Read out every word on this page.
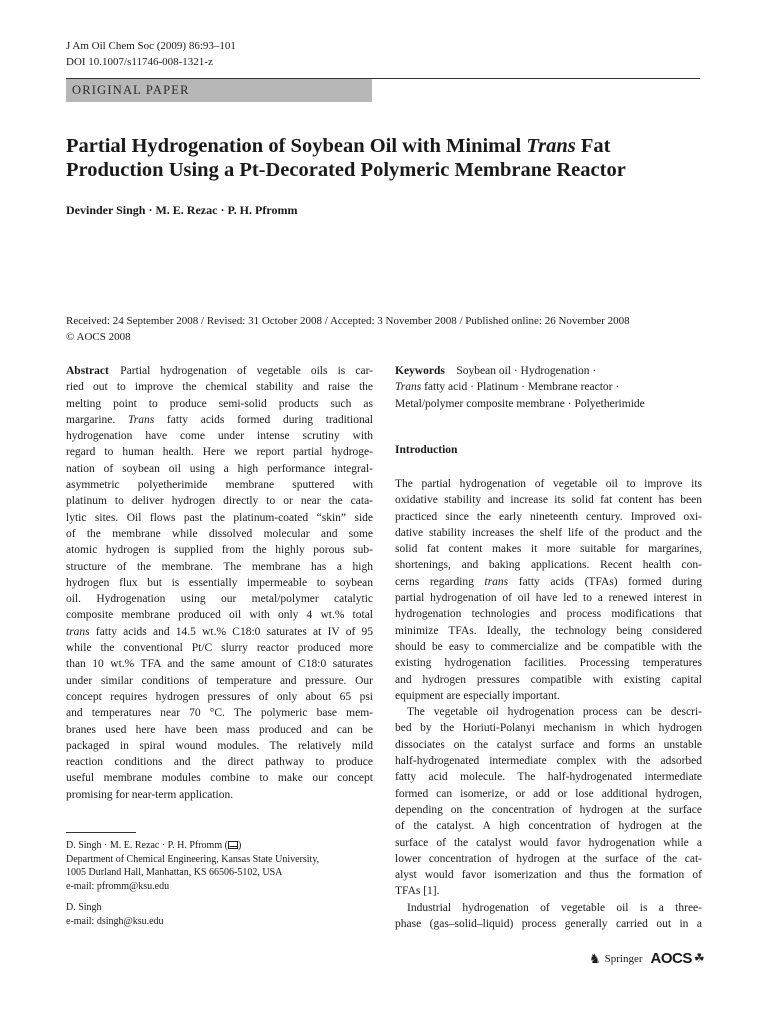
J Am Oil Chem Soc (2009) 86:93–101
DOI 10.1007/s11746-008-1321-z
ORIGINAL PAPER
Partial Hydrogenation of Soybean Oil with Minimal Trans Fat
Production Using a Pt-Decorated Polymeric Membrane Reactor
Devinder Singh · M. E. Rezac · P. H. Pfromm
Received: 24 September 2008 / Revised: 31 October 2008 / Accepted: 3 November 2008 / Published online: 26 November 2008
© AOCS 2008
Abstract  Partial hydrogenation of vegetable oils is car-
ried out to improve the chemical stability and raise the
melting point to produce semi-solid products such as
margarine. Trans fatty acids formed during traditional
hydrogenation have come under intense scrutiny with
regard to human health. Here we report partial hydroge-
nation of soybean oil using a high performance integral-
asymmetric polyetherimide membrane sputtered with
platinum to deliver hydrogen directly to or near the cata-
lytic sites. Oil flows past the platinum-coated “skin” side
of the membrane while dissolved molecular and some
atomic hydrogen is supplied from the highly porous sub-
structure of the membrane. The membrane has a high
hydrogen flux but is essentially impermeable to soybean
oil. Hydrogenation using our metal/polymer catalytic
composite membrane produced oil with only 4 wt.% total
trans fatty acids and 14.5 wt.% C18:0 saturates at IV of 95
while the conventional Pt/C slurry reactor produced more
than 10 wt.% TFA and the same amount of C18:0 saturates
under similar conditions of temperature and pressure. Our
concept requires hydrogen pressures of only about 65 psi
and temperatures near 70 °C. The polymeric base mem-
branes used here have been mass produced and can be
packaged in spiral wound modules. The relatively mild
reaction conditions and the direct pathway to produce
useful membrane modules combine to make our concept
promising for near-term application.
Keywords  Soybean oil · Hydrogenation ·
Trans fatty acid · Platinum · Membrane reactor ·
Metal/polymer composite membrane · Polyetherimide
Introduction
The partial hydrogenation of vegetable oil to improve its
oxidative stability and increase its solid fat content has been
practiced since the early nineteenth century. Improved oxi-
dative stability increases the shelf life of the product and the
solid fat content makes it more suitable for margarines,
shortenings, and baking applications. Recent health con-
cerns regarding trans fatty acids (TFAs) formed during
partial hydrogenation of oil have led to a renewed interest in
hydrogenation technologies and process modifications that
minimize TFAs. Ideally, the technology being considered
should be easy to commercialize and be compatible with the
existing hydrogenation facilities. Processing temperatures
and hydrogen pressures compatible with existing capital
equipment are especially important.
The vegetable oil hydrogenation process can be descri-
bed by the Horiuti-Polanyi mechanism in which hydrogen
dissociates on the catalyst surface and forms an unstable
half-hydrogenated intermediate complex with the adsorbed
fatty acid molecule. The half-hydrogenated intermediate
formed can isomerize, or add or lose additional hydrogen,
depending on the concentration of hydrogen at the surface
of the catalyst. A high concentration of hydrogen at the
surface of the catalyst would favor hydrogenation while a
lower concentration of hydrogen at the surface of the cat-
alyst would favor isomerization and thus the formation of
TFAs [1].
Industrial hydrogenation of vegetable oil is a three-
phase (gas–solid–liquid) process generally carried out in a
D. Singh · M. E. Rezac · P. H. Pfromm ( )
Department of Chemical Engineering, Kansas State University,
1005 Durland Hall, Manhattan, KS 66506-5102, USA
e-mail: pfromm@ksu.edu
D. Singh
e-mail: dsingh@ksu.edu
♞ Springer AOCS ☘
